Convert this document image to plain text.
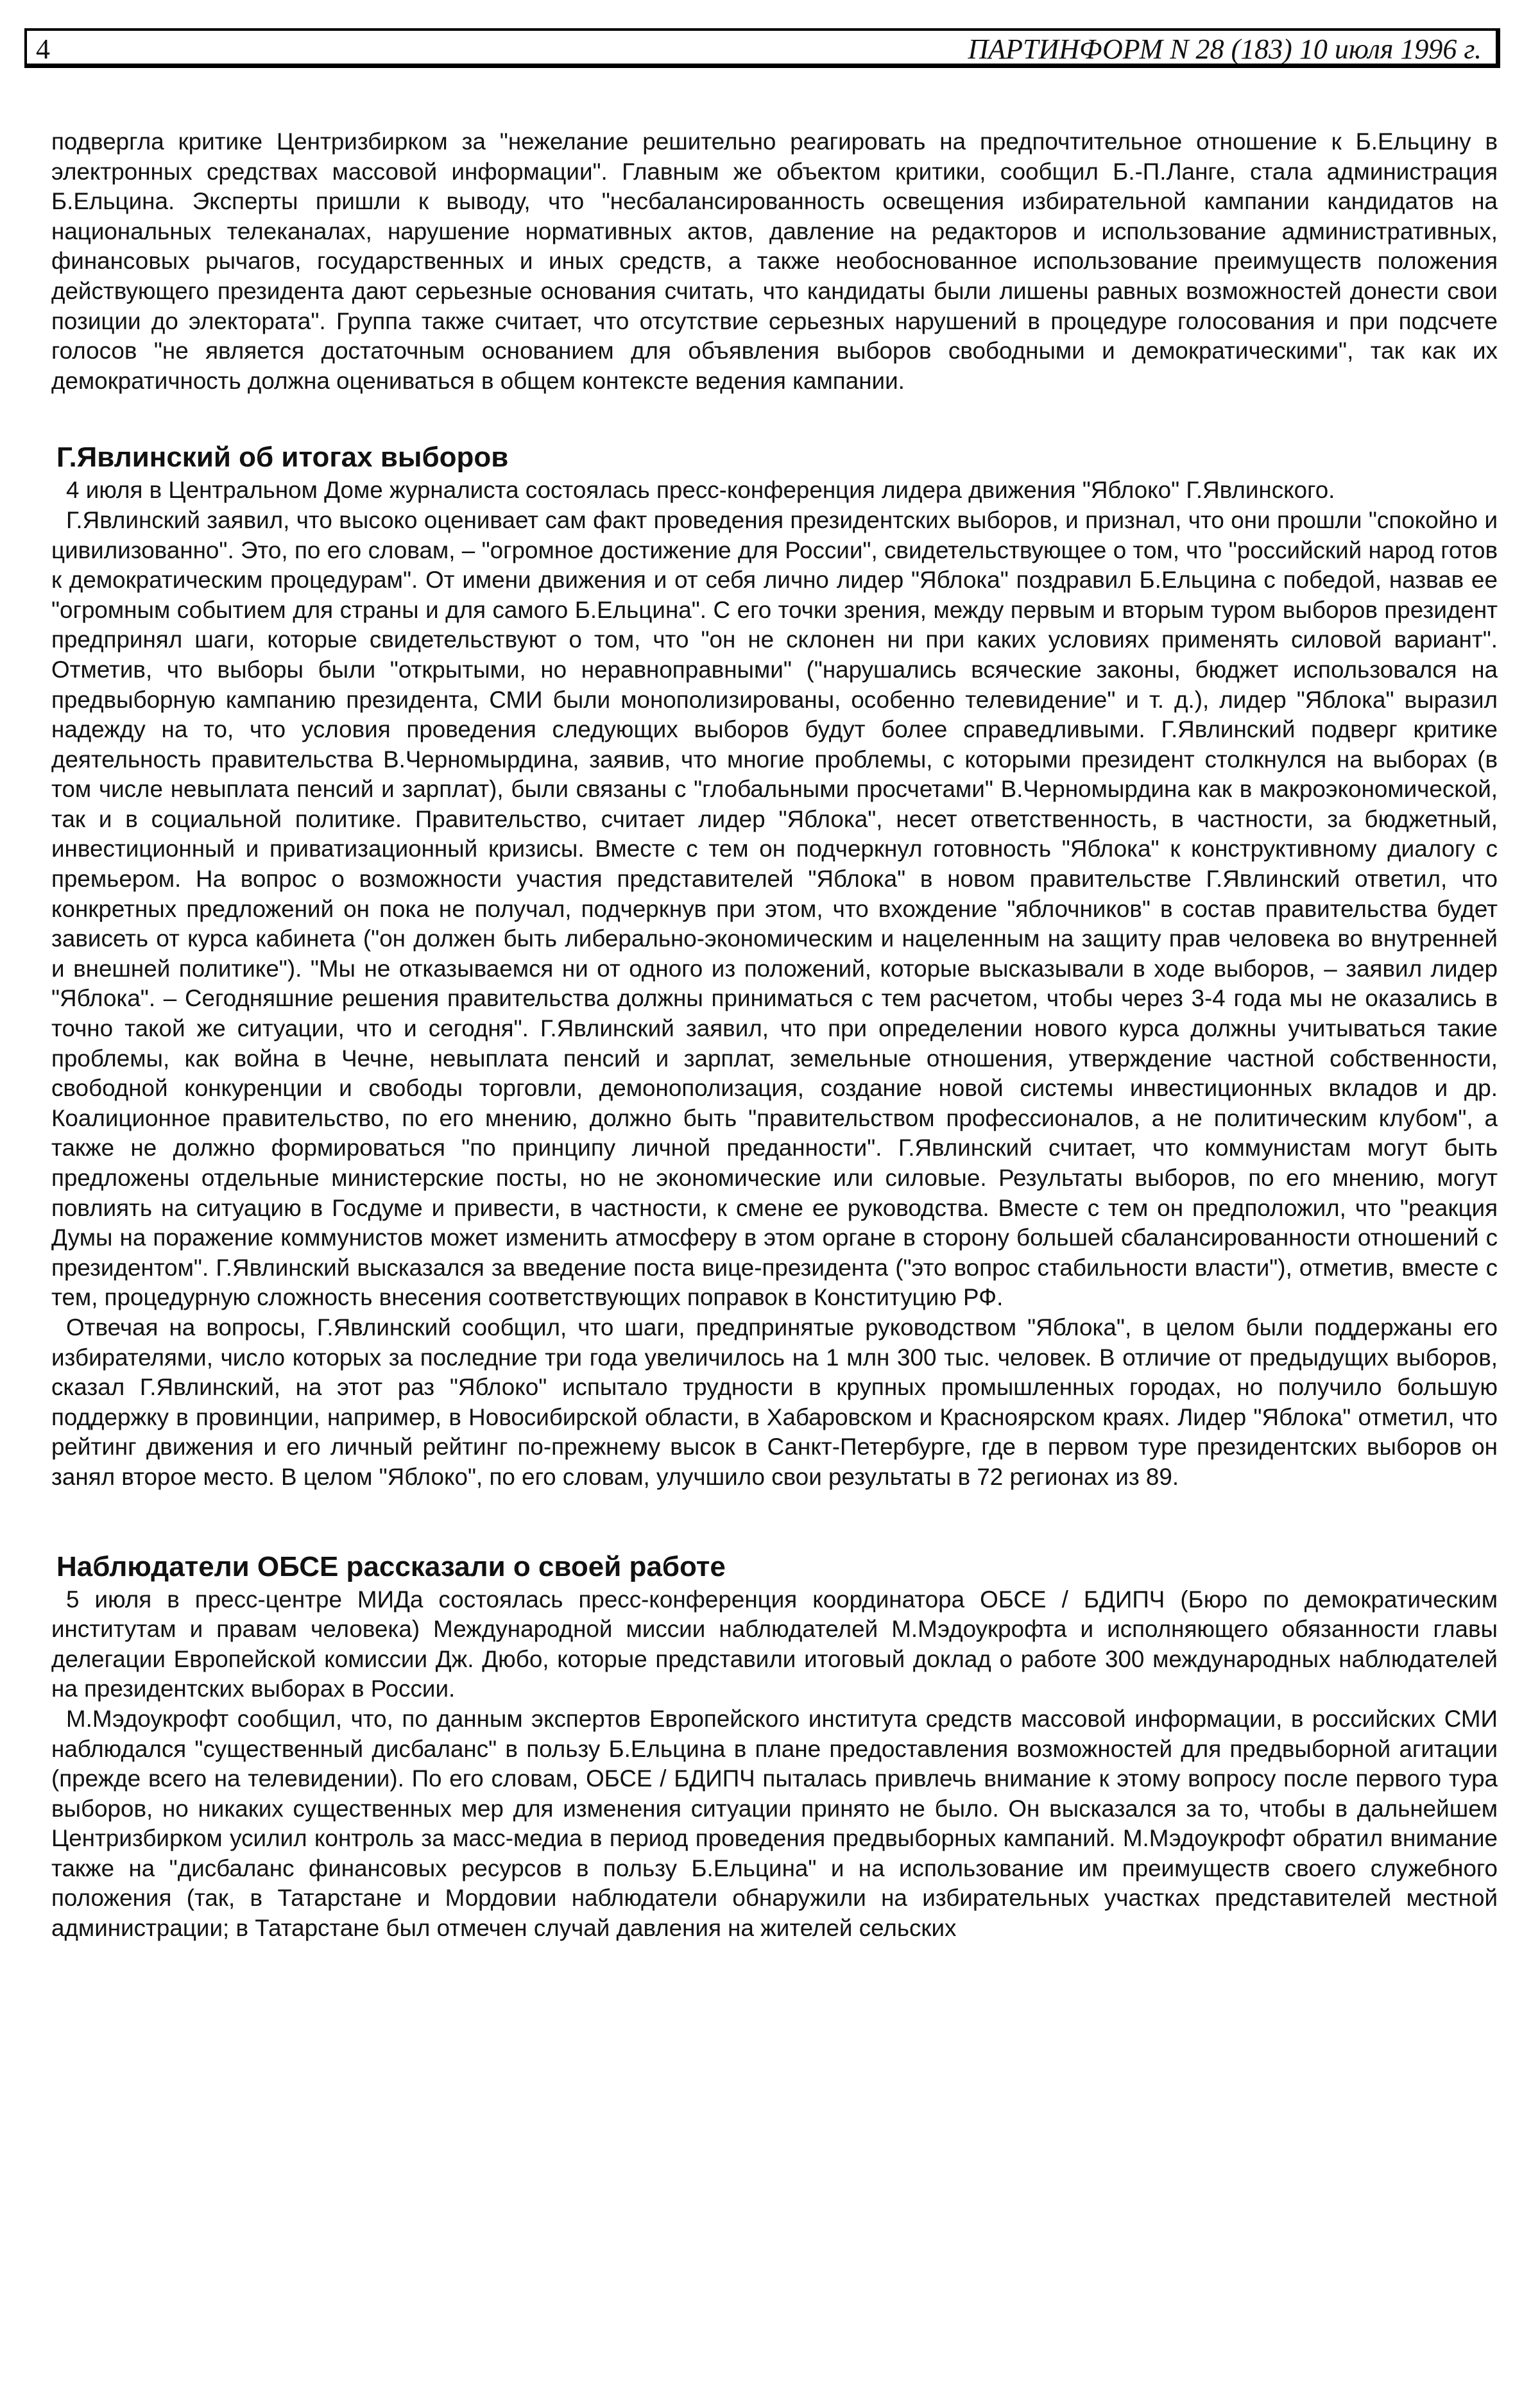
4	ПАРТИНФОРМ N 28 (183) 10 июля 1996 г.

подвергла критике Центризбирком за "нежелание решительно реагировать на предпочтительное отношение к Б.Ельцину в электронных средствах массовой информации". Главным же объектом критики, сообщил Б.-П.Ланге, стала администрация Б.Ельцина. Эксперты пришли к выводу, что "несбалансированность освещения избирательной кампании кандидатов на национальных телеканалах, нарушение нормативных актов, давление на редакторов и использование административных, финансовых рычагов, государственных и иных средств, а также необоснованное использование преимуществ положения действующего президента дают серьезные основания считать, что кандидаты были лишены равных возможностей донести свои позиции до электората". Группа также считает, что отсутствие серьезных нарушений в процедуре голосования и при подсчете голосов "не является достаточным основанием для объявления выборов свободными и демократическими", так как их демократичность должна оцениваться в общем контексте ведения кампании.

Г.Явлинский об итогах выборов

4 июля в Центральном Доме журналиста состоялась пресс-конференция лидера движения "Яблоко" Г.Явлинского.

Г.Явлинский заявил, что высоко оценивает сам факт проведения президентских выборов, и признал, что они прошли "спокойно и цивилизованно". Это, по его словам, – "огромное достижение для России", свидетельствующее о том, что "российский народ готов к демократическим процедурам". От имени движения и от себя лично лидер "Яблока" поздравил Б.Ельцина с победой, назвав ее "огромным событием для страны и для самого Б.Ельцина". С его точки зрения, между первым и вторым туром выборов президент предпринял шаги, которые свидетельствуют о том, что "он не склонен ни при каких условиях применять силовой вариант". Отметив, что выборы были "открытыми, но неравноправными" ("нарушались всяческие законы, бюджет использовался на предвыборную кампанию президента, СМИ были монополизированы, особенно телевидение" и т. д.), лидер "Яблока" выразил надежду на то, что условия проведения следующих выборов будут более справедливыми. Г.Явлинский подверг критике деятельность правительства В.Черномырдина, заявив, что многие проблемы, с которыми президент столкнулся на выборах (в том числе невыплата пенсий и зарплат), были связаны с "глобальными просчетами" В.Черномырдина как в макроэкономической, так и в социальной политике. Правительство, считает лидер "Яблока", несет ответственность, в частности, за бюджетный, инвестиционный и приватизационный кризисы. Вместе с тем он подчеркнул готовность "Яблока" к конструктивному диалогу с премьером. На вопрос о возможности участия представителей "Яблока" в новом правительстве Г.Явлинский ответил, что конкретных предложений он пока не получал, подчеркнув при этом, что вхождение "яблочников" в состав правительства будет зависеть от курса кабинета ("он должен быть либерально-экономическим и нацеленным на защиту прав человека во внутренней и внешней политике"). "Мы не отказываемся ни от одного из положений, которые высказывали в ходе выборов, – заявил лидер "Яблока". – Сегодняшние решения правительства должны приниматься с тем расчетом, чтобы через 3-4 года мы не оказались в точно такой же ситуации, что и сегодня". Г.Явлинский заявил, что при определении нового курса должны учитываться такие проблемы, как война в Чечне, невыплата пенсий и зарплат, земельные отношения, утверждение частной собственности, свободной конкуренции и свободы торговли, демонополизация, создание новой системы инвестиционных вкладов и др. Коалиционное правительство, по его мнению, должно быть "правительством профессионалов, а не политическим клубом", а также не должно формироваться "по принципу личной преданности". Г.Явлинский считает, что коммунистам могут быть предложены отдельные министерские посты, но не экономические или силовые. Результаты выборов, по его мнению, могут повлиять на ситуацию в Госдуме и привести, в частности, к смене ее руководства. Вместе с тем он предположил, что "реакция Думы на поражение коммунистов может изменить атмосферу в этом органе в сторону большей сбалансированности отношений с президентом". Г.Явлинский высказался за введение поста вице-президента ("это вопрос стабильности власти"), отметив, вместе с тем, процедурную сложность внесения соответствующих поправок в Конституцию РФ.

Отвечая на вопросы, Г.Явлинский сообщил, что шаги, предпринятые руководством "Яблока", в целом были поддержаны его избирателями, число которых за последние три года увеличилось на 1 млн 300 тыс. человек. В отличие от предыдущих выборов, сказал Г.Явлинский, на этот раз "Яблоко" испытало трудности в крупных промышленных городах, но получило большую поддержку в провинции, например, в Новосибирской области, в Хабаровском и Красноярском краях. Лидер "Яблока" отметил, что рейтинг движения и его личный рейтинг по-прежнему высок в Санкт-Петербурге, где в первом туре президентских выборов он занял второе место. В целом "Яблоко", по его словам, улучшило свои результаты в 72 регионах из 89.

Наблюдатели ОБСЕ рассказали о своей работе

5 июля в пресс-центре МИДа состоялась пресс-конференция координатора ОБСЕ / БДИПЧ (Бюро по демократическим институтам и правам человека) Международной миссии наблюдателей М.Мэдоукрофта и исполняющего обязанности главы делегации Европейской комиссии Дж. Дюбо, которые представили итоговый доклад о работе 300 международных наблюдателей на президентских выборах в России.

М.Мэдоукрофт сообщил, что, по данным экспертов Европейского института средств массовой информации, в российских СМИ наблюдался "существенный дисбаланс" в пользу Б.Ельцина в плане предоставления возможностей для предвыборной агитации (прежде всего на телевидении). По его словам, ОБСЕ / БДИПЧ пыталась привлечь внимание к этому вопросу после первого тура выборов, но никаких существенных мер для изменения ситуации принято не было. Он высказался за то, чтобы в дальнейшем Центризбирком усилил контроль за масс-медиа в период проведения предвыборных кампаний. М.Мэдоукрофт обратил внимание также на "дисбаланс финансовых ресурсов в пользу Б.Ельцина" и на использование им преимуществ своего служебного положения (так, в Татарстане и Мордовии наблюдатели обнаружили на избирательных участках представителей местной администрации; в Татарстане был отмечен случай давления на жителей сельских
